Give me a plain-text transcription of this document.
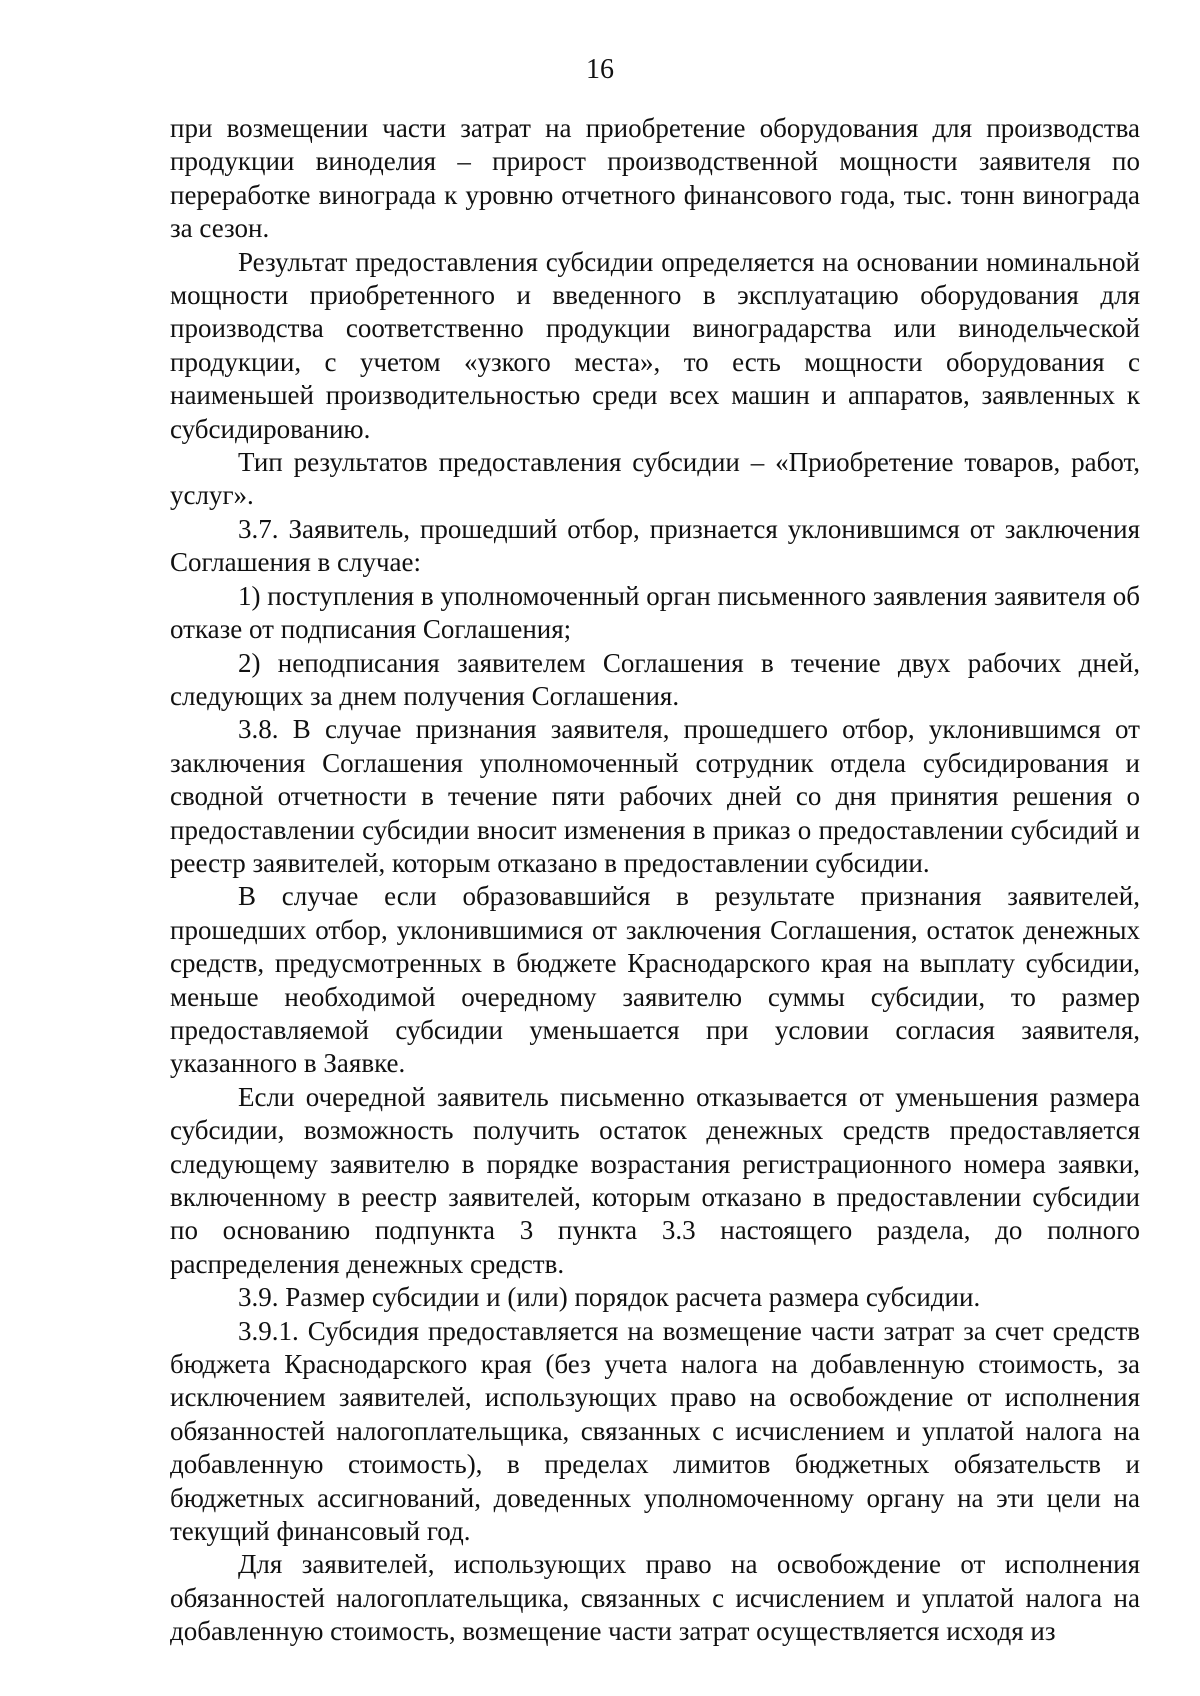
16

при возмещении части затрат на приобретение оборудования для производства продукции виноделия – прирост производственной мощности заявителя по переработке винограда к уровню отчетного финансового года, тыс. тонн винограда за сезон.

Результат предоставления субсидии определяется на основании номинальной мощности приобретенного и введенного в эксплуатацию оборудования для производства соответственно продукции виноградарства или винодельческой продукции, с учетом «узкого места», то есть мощности оборудования с наименьшей производительностью среди всех машин и аппаратов, заявленных к субсидированию.

Тип результатов предоставления субсидии – «Приобретение товаров, работ, услуг».

3.7. Заявитель, прошедший отбор, признается уклонившимся от заключения Соглашения в случае:

1) поступления в уполномоченный орган письменного заявления заявителя об отказе от подписания Соглашения;

2) неподписания заявителем Соглашения в течение двух рабочих дней, следующих за днем получения Соглашения.

3.8. В случае признания заявителя, прошедшего отбор, уклонившимся от заключения Соглашения уполномоченный сотрудник отдела субсидирования и сводной отчетности в течение пяти рабочих дней со дня принятия решения о предоставлении субсидии вносит изменения в приказ о предоставлении субсидий и реестр заявителей, которым отказано в предоставлении субсидии.

В случае если образовавшийся в результате признания заявителей, прошедших отбор, уклонившимися от заключения Соглашения, остаток денежных средств, предусмотренных в бюджете Краснодарского края на выплату субсидии, меньше необходимой очередному заявителю суммы субсидии, то размер предоставляемой субсидии уменьшается при условии согласия заявителя, указанного в Заявке.

Если очередной заявитель письменно отказывается от уменьшения размера субсидии, возможность получить остаток денежных средств предоставляется следующему заявителю в порядке возрастания регистрационного номера заявки, включенному в реестр заявителей, которым отказано в предоставлении субсидии по основанию подпункта 3 пункта 3.3 настоящего раздела, до полного распределения денежных средств.

3.9. Размер субсидии и (или) порядок расчета размера субсидии.

3.9.1. Субсидия предоставляется на возмещение части затрат за счет средств бюджета Краснодарского края (без учета налога на добавленную стоимость, за исключением заявителей, использующих право на освобождение от исполнения обязанностей налогоплательщика, связанных с исчислением и уплатой налога на добавленную стоимость), в пределах лимитов бюджетных обязательств и бюджетных ассигнований, доведенных уполномоченному органу на эти цели на текущий финансовый год.

Для заявителей, использующих право на освобождение от исполнения обязанностей налогоплательщика, связанных с исчислением и уплатой налога на добавленную стоимость, возмещение части затрат осуществляется исходя из
